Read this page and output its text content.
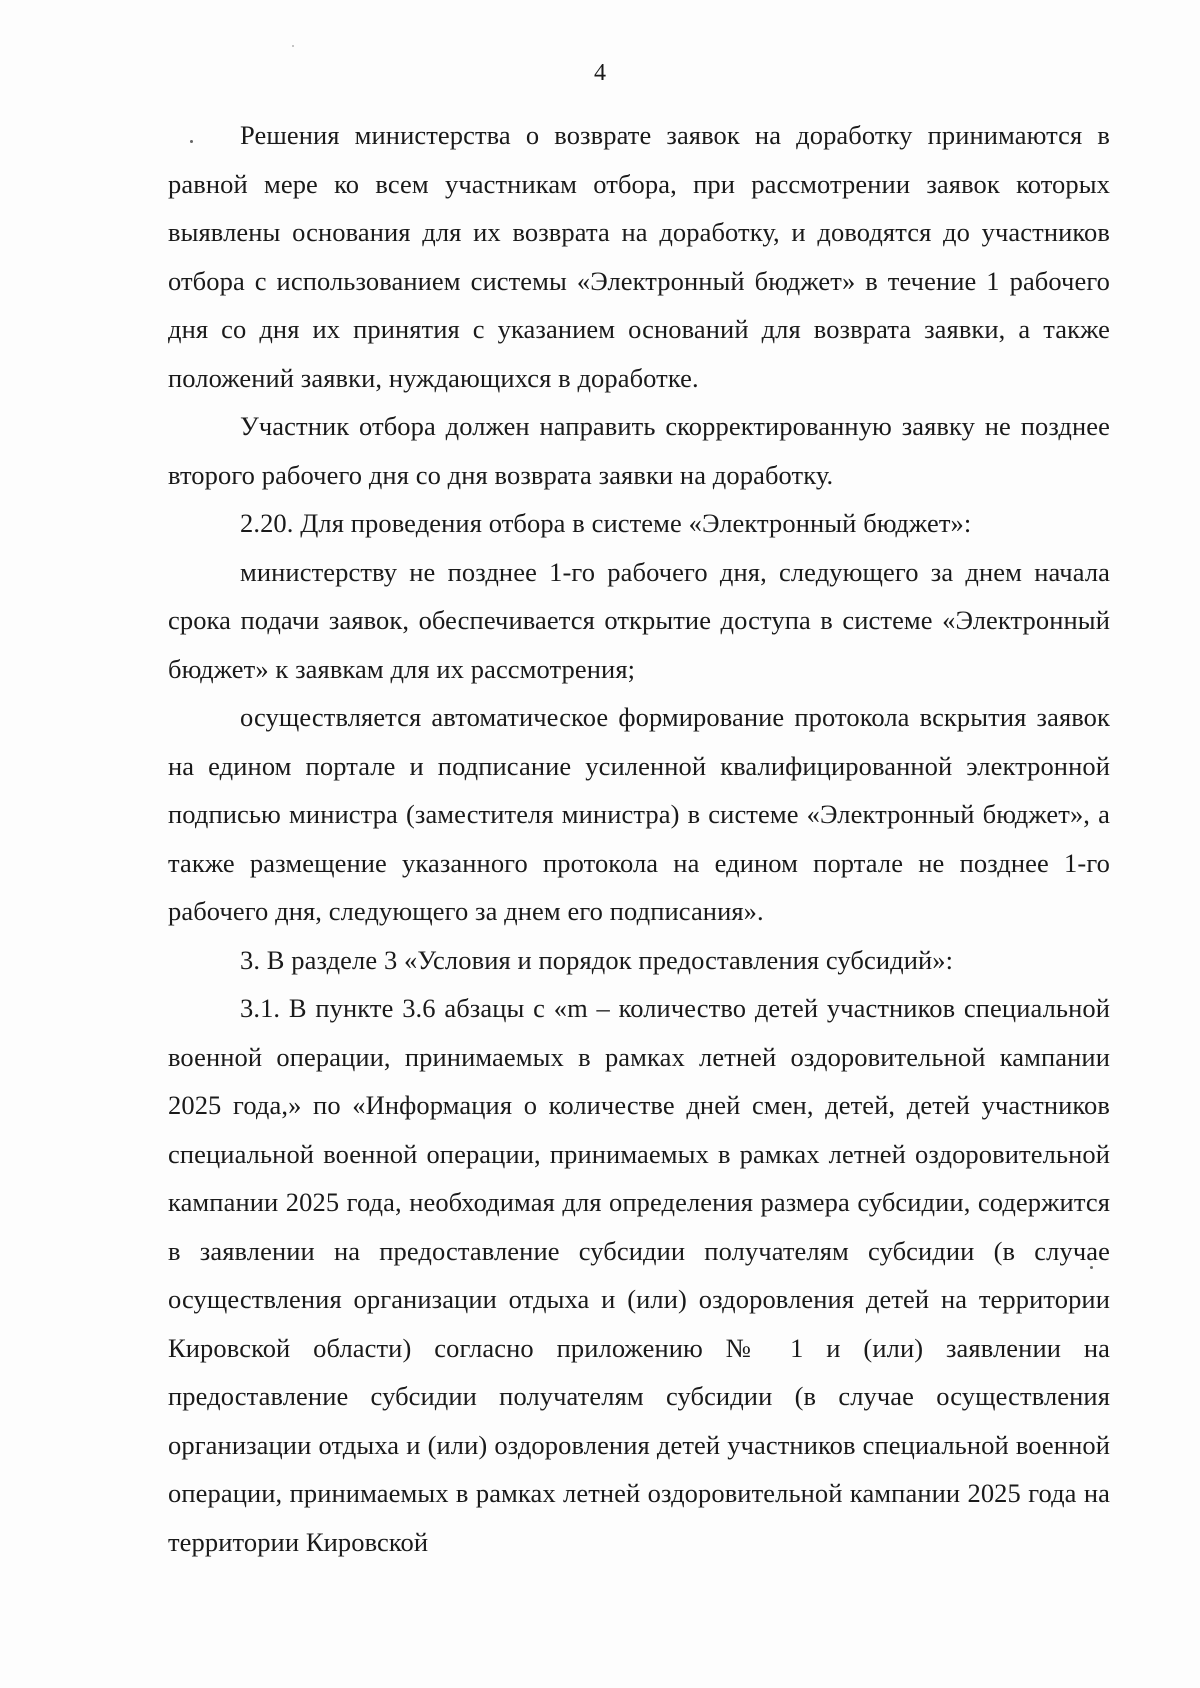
4

Решения министерства о возврате заявок на доработку принимаются в равной мере ко всем участникам отбора, при рассмотрении заявок которых выявлены основания для их возврата на доработку, и доводятся до участников отбора с использованием системы «Электронный бюджет» в течение 1 рабочего дня со дня их принятия с указанием оснований для возврата заявки, а также положений заявки, нуждающихся в доработке.

Участник отбора должен направить скорректированную заявку не позднее второго рабочего дня со дня возврата заявки на доработку.

2.20. Для проведения отбора в системе «Электронный бюджет»:

министерству не позднее 1-го рабочего дня, следующего за днем начала срока подачи заявок, обеспечивается открытие доступа в системе «Электронный бюджет» к заявкам для их рассмотрения;

осуществляется автоматическое формирование протокола вскрытия заявок на едином портале и подписание усиленной квалифицированной электронной подписью министра (заместителя министра) в системе «Электронный бюджет», а также размещение указанного протокола на едином портале не позднее 1-го рабочего дня, следующего за днем его подписания».

3. В разделе 3 «Условия и порядок предоставления субсидий»:

3.1. В пункте 3.6 абзацы с «m – количество детей участников специальной военной операции, принимаемых в рамках летней оздоровительной кампании 2025 года,» по «Информация о количестве дней смен, детей, детей участников специальной военной операции, принимаемых в рамках летней оздоровительной кампании 2025 года, необходимая для определения размера субсидии, содержится в заявлении на предоставление субсидии получателям субсидии (в случае осуществления организации отдыха и (или) оздоровления детей на территории Кировской области) согласно приложению № 1 и (или) заявлении на предоставление субсидии получателям субсидии (в случае осуществления организации отдыха и (или) оздоровления детей участников специальной военной операции, принимаемых в рамках летней оздоровительной кампании 2025 года на территории Кировской
